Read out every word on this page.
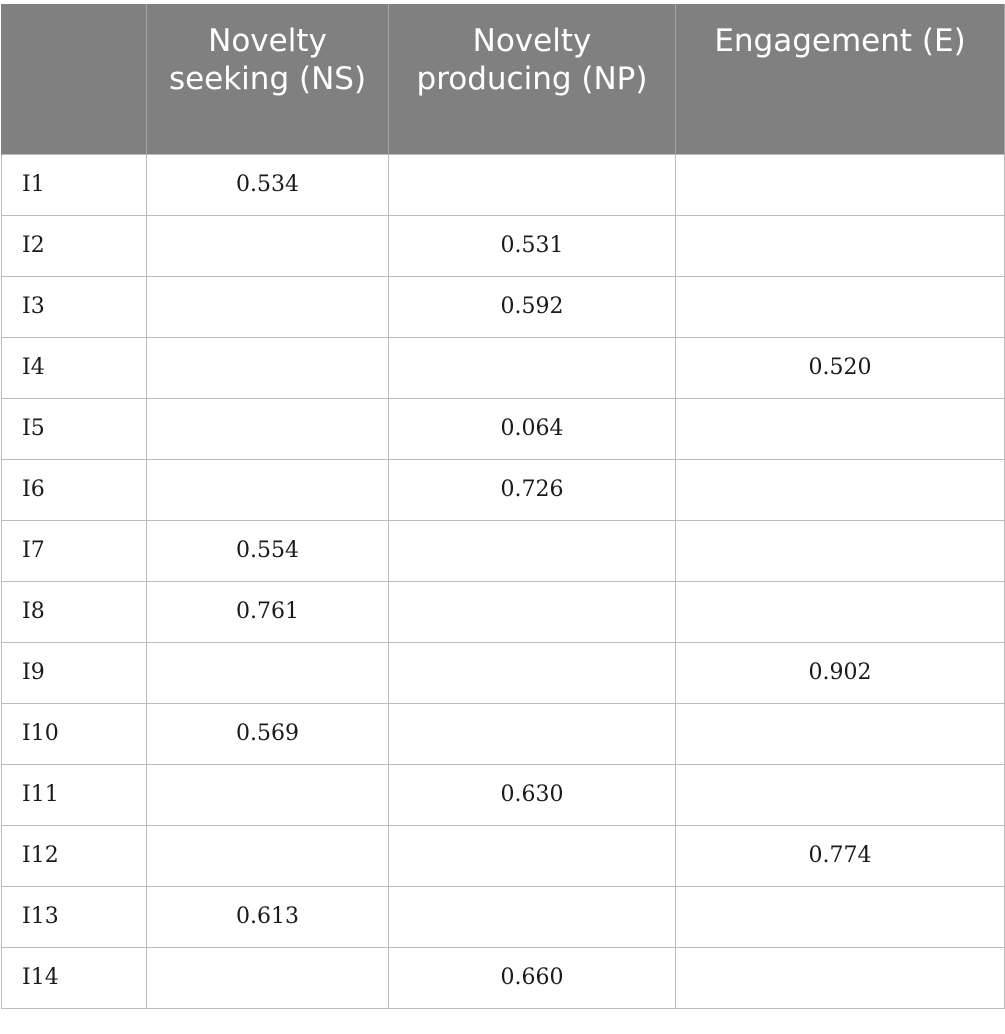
	Novelty seeking (NS)	Novelty producing (NP)	Engagement (E)
I1	0.534		
I2		0.531	
I3		0.592	
I4			0.520
I5		0.064	
I6		0.726	
I7	0.554		
I8	0.761		
I9			0.902
I10	0.569		
I11		0.630	
I12			0.774
I13	0.613		
I14		0.660	
